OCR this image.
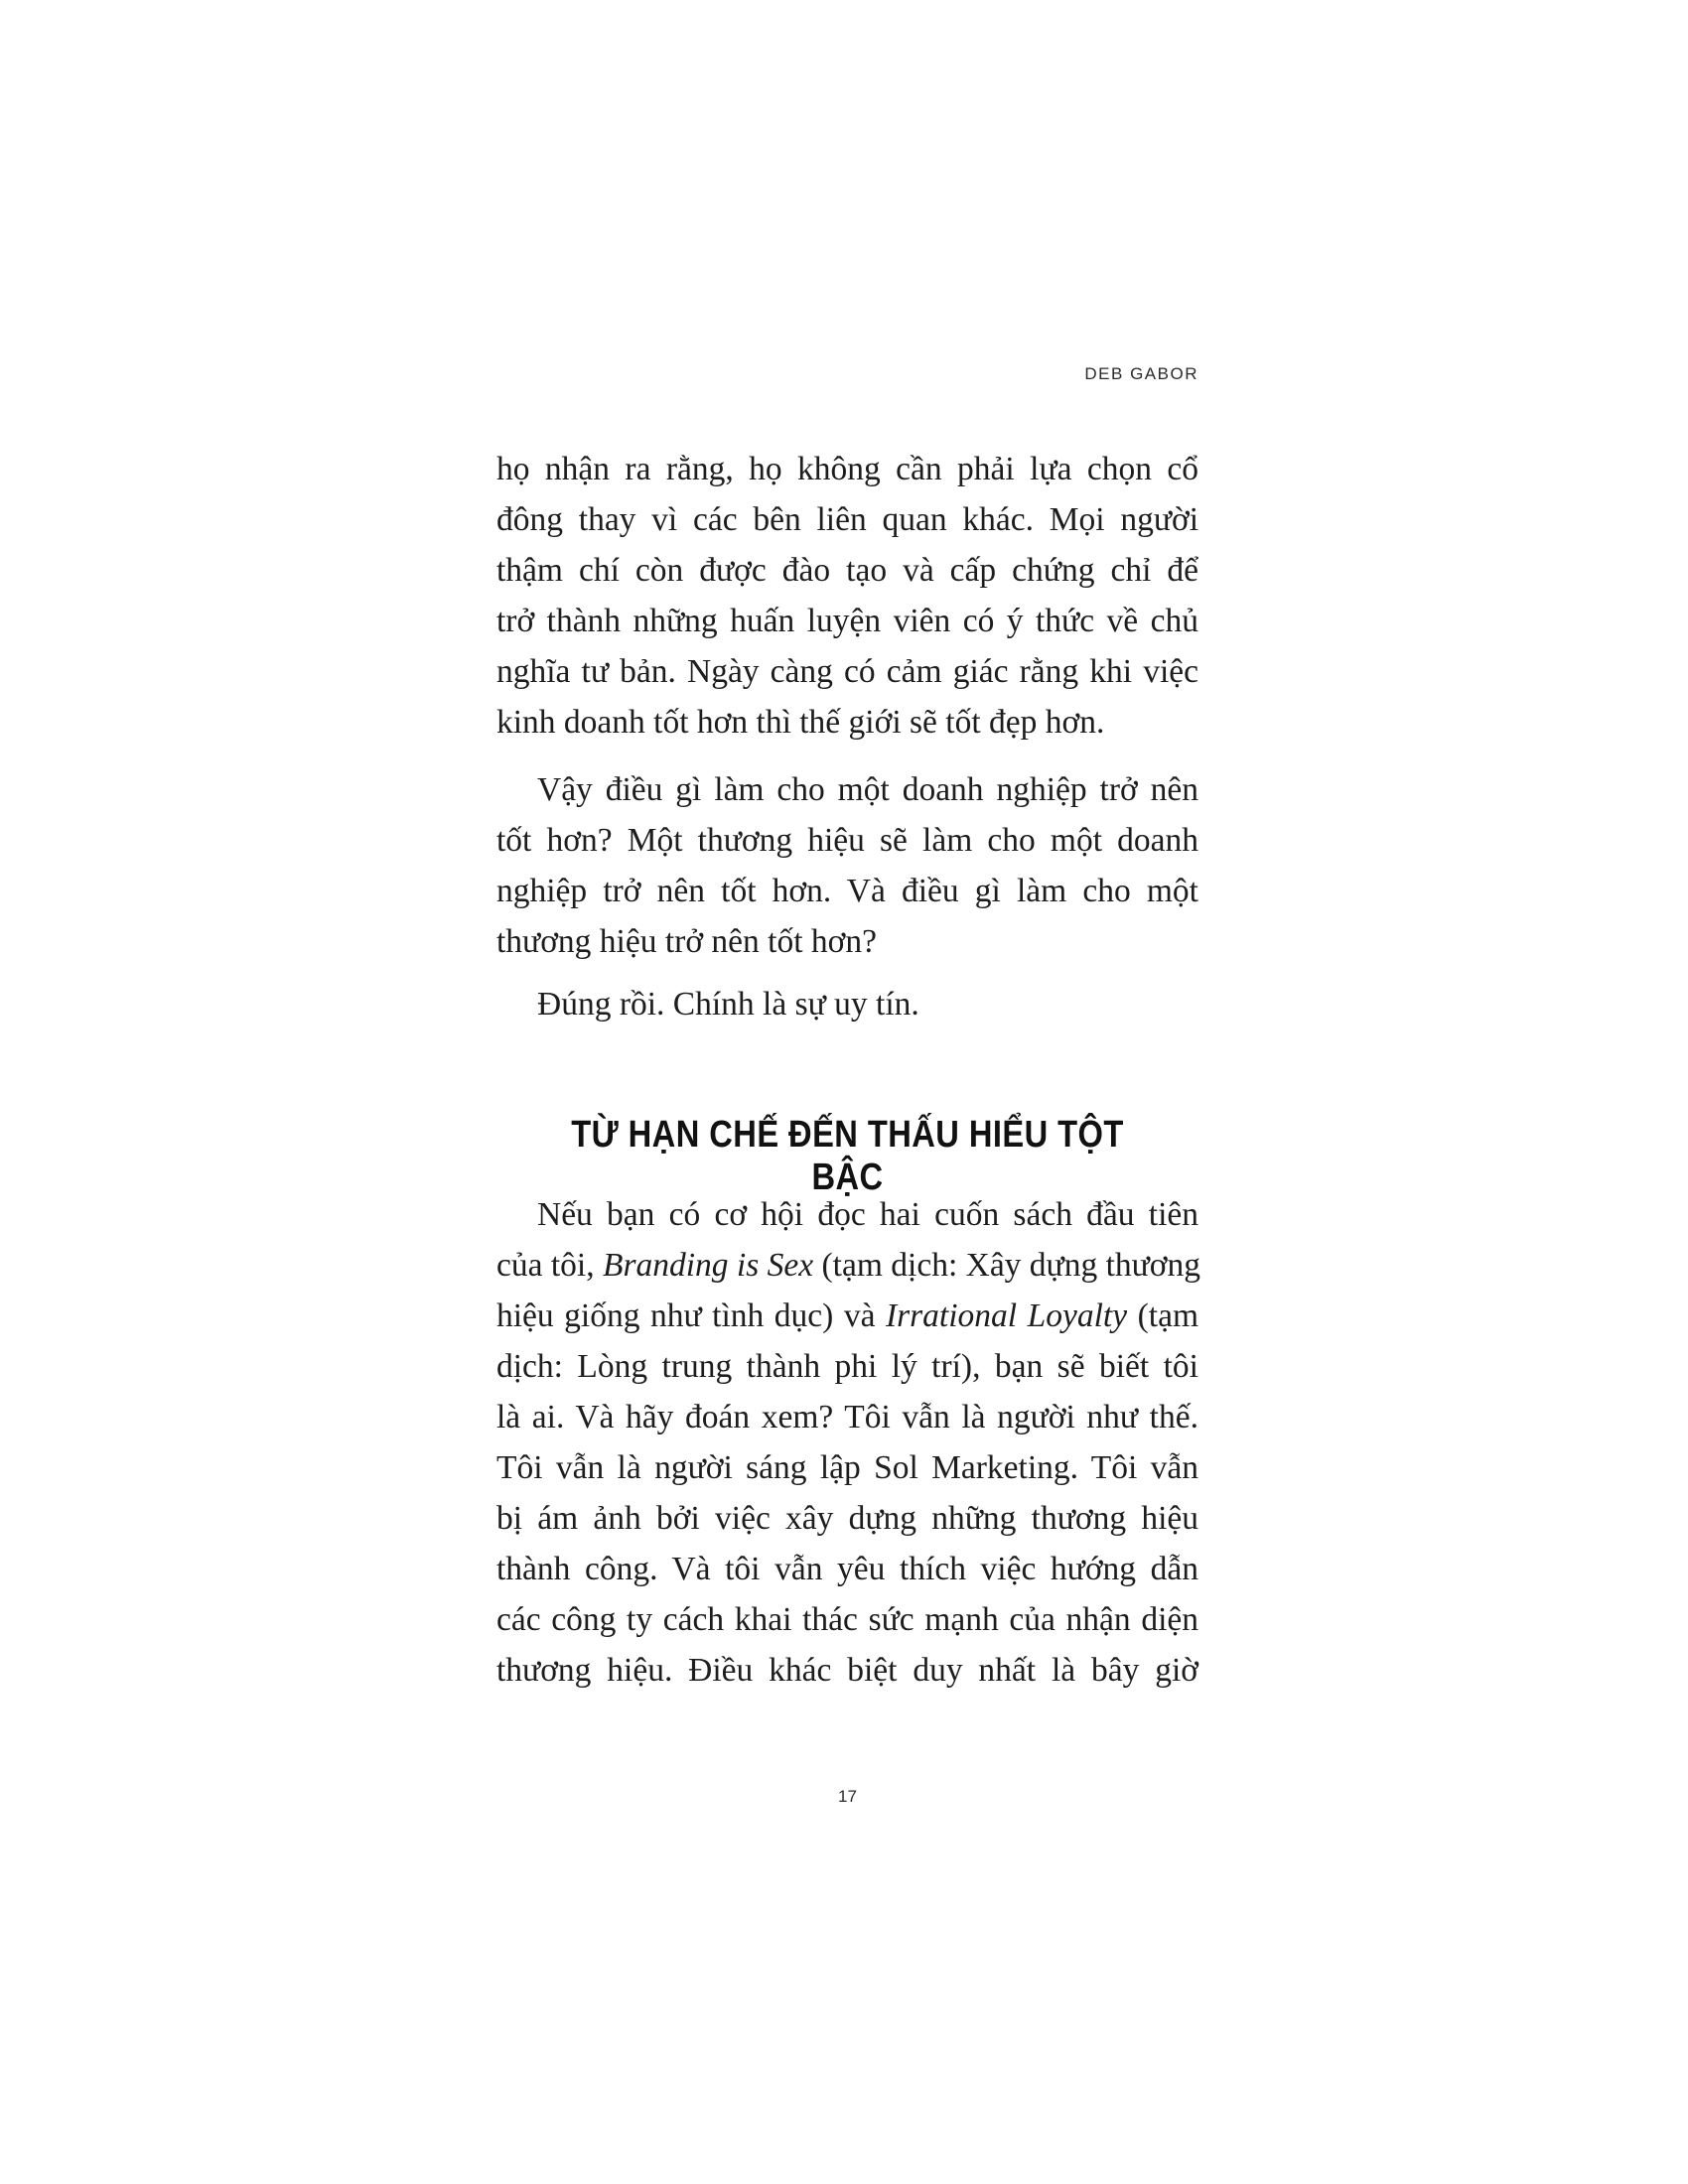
DEB GABOR
họ nhận ra rằng, họ không cần phải lựa chọn cổ
đông thay vì các bên liên quan khác. Mọi người
thậm chí còn được đào tạo và cấp chứng chỉ để
trở thành những huấn luyện viên có ý thức về chủ
nghĩa tư bản. Ngày càng có cảm giác rằng khi việc
kinh doanh tốt hơn thì thế giới sẽ tốt đẹp hơn.
Vậy điều gì làm cho một doanh nghiệp trở nên
tốt hơn? Một thương hiệu sẽ làm cho một doanh
nghiệp trở nên tốt hơn. Và điều gì làm cho một
thương hiệu trở nên tốt hơn?
Đúng rồi. Chính là sự uy tín.
TỪ HẠN CHẾ ĐẾN THẤU HIỂU TỘT BẬC
Nếu bạn có cơ hội đọc hai cuốn sách đầu tiên
của tôi, Branding is Sex (tạm dịch: Xây dựng thương
hiệu giống như tình dục) và Irrational Loyalty (tạm
dịch: Lòng trung thành phi lý trí), bạn sẽ biết tôi
là ai. Và hãy đoán xem? Tôi vẫn là người như thế.
Tôi vẫn là người sáng lập Sol Marketing. Tôi vẫn
bị ám ảnh bởi việc xây dựng những thương hiệu
thành công. Và tôi vẫn yêu thích việc hướng dẫn
các công ty cách khai thác sức mạnh của nhận diện
thương hiệu. Điều khác biệt duy nhất là bây giờ
17
